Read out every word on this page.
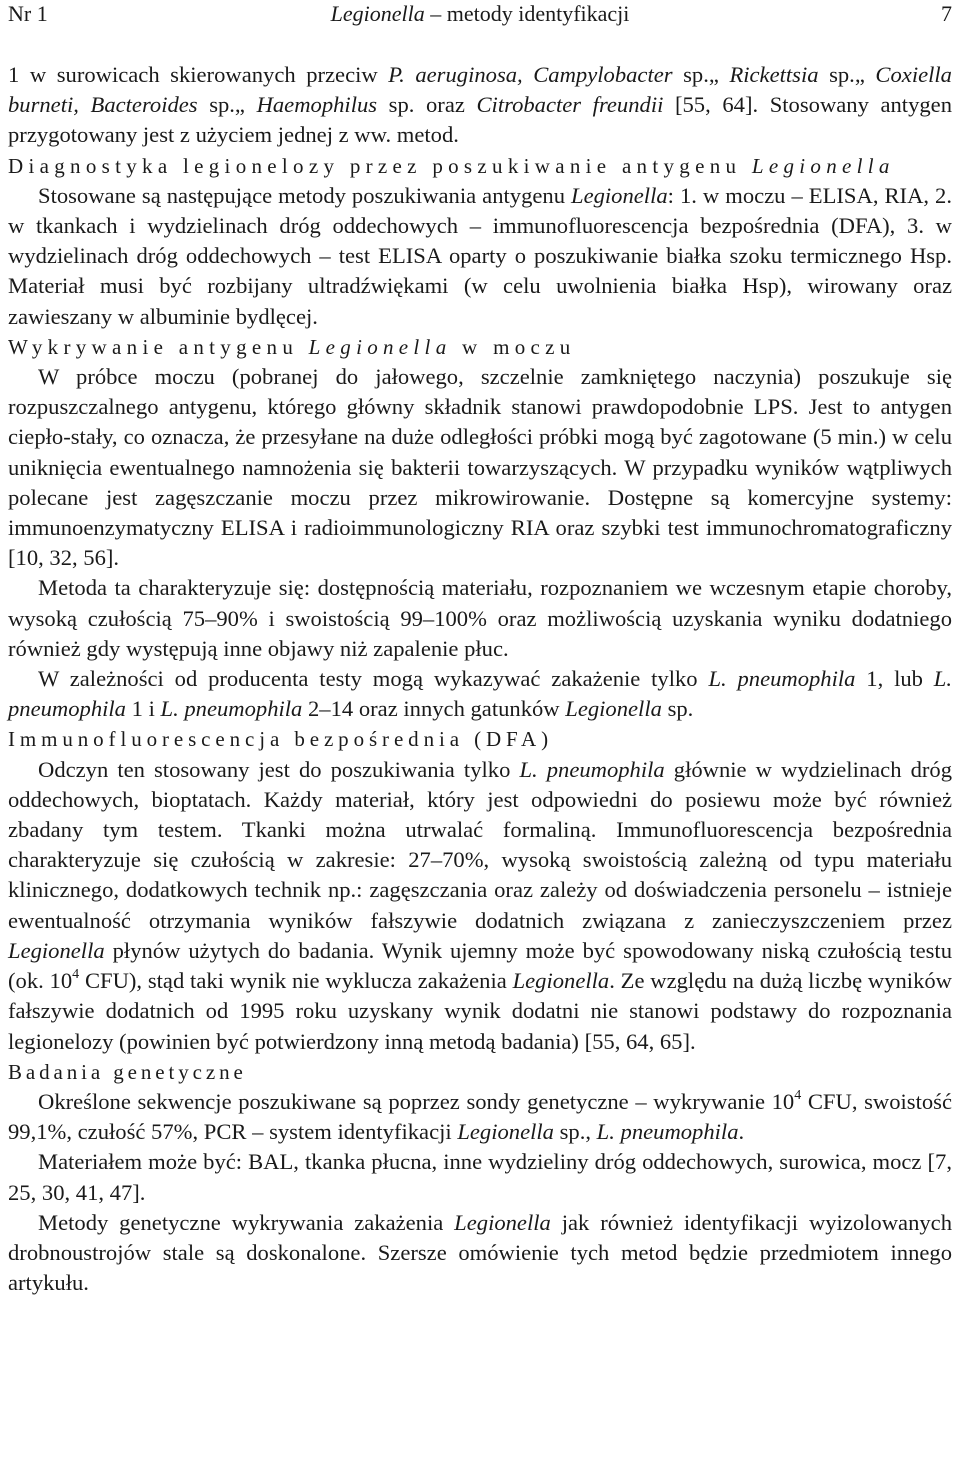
Nr 1	Legionella – metody identyfikacji	7

1 w surowicach skierowanych przeciw P. aeruginosa, Campylobacter sp.„ Rickettsia sp.„ Coxiella burneti, Bacteroides sp.„ Haemophilus sp. oraz Citrobacter freundii [55, 64]. Stosowany antygen przygotowany jest z użyciem jednej z ww. metod.

Diagnostyka legionelozy przez poszukiwanie antygenu Legionella

Stosowane są następujące metody poszukiwania antygenu Legionella: 1. w moczu – ELISA, RIA, 2. w tkankach i wydzielinach dróg oddechowych – immunofluorescencja bezpośrednia (DFA), 3. w wydzielinach dróg oddechowych – test ELISA oparty o poszukiwanie białka szoku termicznego Hsp. Materiał musi być rozbijany ultradźwiękami (w celu uwolnienia białka Hsp), wirowany oraz zawieszany w albuminie bydlęcej.

Wykrywanie antygenu Legionella w moczu

W próbce moczu (pobranej do jałowego, szczelnie zamkniętego naczynia) poszukuje się rozpuszczalnego antygenu, którego główny składnik stanowi prawdopodobnie LPS. Jest to antygen ciepło-stały, co oznacza, że przesyłane na duże odległości próbki mogą być zagotowane (5 min.) w celu uniknięcia ewentualnego namnożenia się bakterii towarzyszących. W przypadku wyników wątpliwych polecane jest zagęszczanie moczu przez mikrowirowanie. Dostępne są komercyjne systemy: immunoenzymatyczny ELISA i radioimmunologiczny RIA oraz szybki test immunochromatograficzny [10, 32, 56].

Metoda ta charakteryzuje się: dostępnością materiału, rozpoznaniem we wczesnym etapie choroby, wysoką czułością 75–90% i swoistością 99–100% oraz możliwością uzyskania wyniku dodatniego również gdy występują inne objawy niż zapalenie płuc.

W zależności od producenta testy mogą wykazywać zakażenie tylko L. pneumophila 1, lub L. pneumophila 1 i L. pneumophila 2–14 oraz innych gatunków Legionella sp.

Immunofluorescencja bezpośrednia (DFA)

Odczyn ten stosowany jest do poszukiwania tylko L. pneumophila głównie w wydzielinach dróg oddechowych, bioptatach. Każdy materiał, który jest odpowiedni do posiewu może być również zbadany tym testem. Tkanki można utrwalać formaliną. Immunofluorescencja bezpośrednia charakteryzuje się czułością w zakresie: 27–70%, wysoką swoistością zależną od typu materiału klinicznego, dodatkowych technik np.: zagęszczania oraz zależy od doświadczenia personelu – istnieje ewentualność otrzymania wyników fałszywie dodatnich związana z zanieczyszczeniem przez Legionella płynów użytych do badania. Wynik ujemny może być spowodowany niską czułością testu (ok. $10^4$ CFU), stąd taki wynik nie wyklucza zakażenia Legionella. Ze względu na dużą liczbę wyników fałszywie dodatnich od 1995 roku uzyskany wynik dodatni nie stanowi podstawy do rozpoznania legionelozy (powinien być potwierdzony inną metodą badania) [55, 64, 65].

Badania genetyczne

Określone sekwencje poszukiwane są poprzez sondy genetyczne – wykrywanie $10^4$ CFU, swoistość 99,1%, czułość 57%, PCR – system identyfikacji Legionella sp., L. pneumophila.

Materiałem może być: BAL, tkanka płucna, inne wydzieliny dróg oddechowych, surowica, mocz [7, 25, 30, 41, 47].

Metody genetyczne wykrywania zakażenia Legionella jak również identyfikacji wyizolowanych drobnoustrojów stale są doskonalone. Szersze omówienie tych metod będzie przedmiotem innego artykułu.
